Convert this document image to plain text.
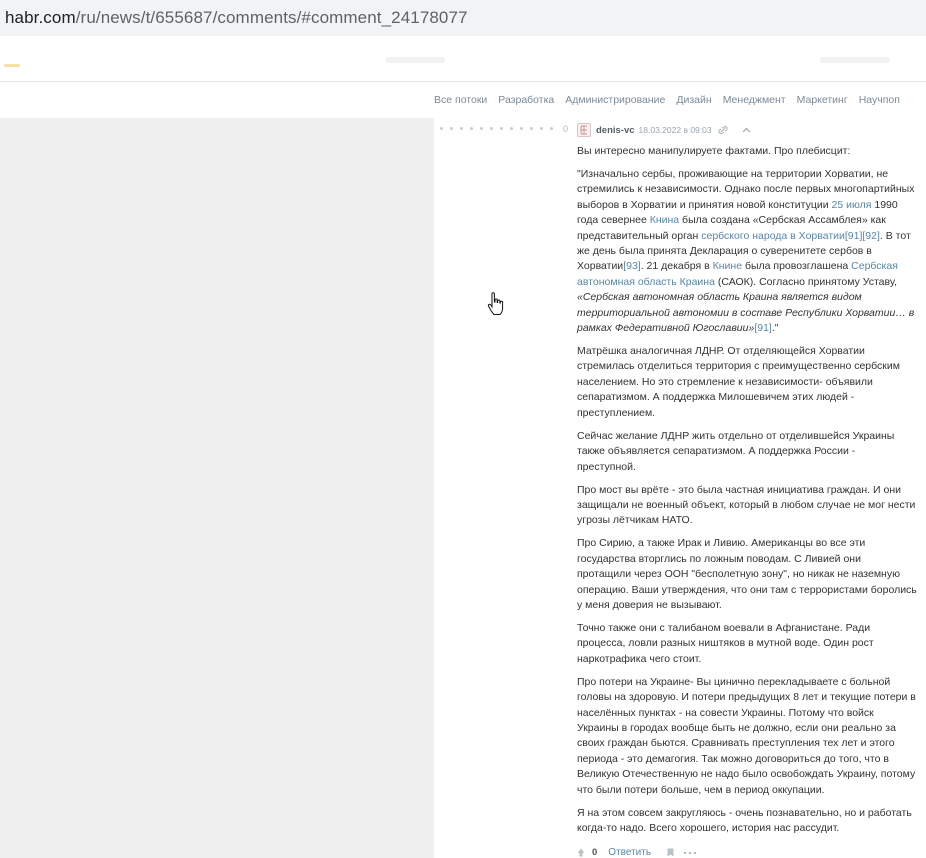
habr.com/ru/news/t/655687/comments/#comment_24178077
Все потоки Разработка Администрирование Дизайн Менеджмент Маркетинг Научпоп
0	denis-vc 18.03.2022 в 09:03

Вы интересно манипулируете фактами. Про плебисцит:

"Изначально сербы, проживающие на территории Хорватии, не стремились к независимости. Однако после первых многопартийных выборов в Хорватии и принятия новой конституции 25 июля 1990 года севернее Книна была создана «Сербская Ассамблея» как представительный орган сербского народа в Хорватии[91][92]. В тот же день была принята Декларация о суверенитете сербов в Хорватии[93]. 21 декабря в Книне была провозглашена Сербская автономная область Краина (САОК). Согласно принятому Уставу, «Сербская автономная область Краина является видом территориальной автономии в составе Республики Хорватии… в рамках Федеративной Югославии»[91]."

Матрёшка аналогичная ЛДНР. От отделяющейся Хорватии стремилась отделиться территория с преимущественно сербским населением. Но это стремление к независимости- объявили сепаратизмом. А поддержка Милошевичем этих людей - преступлением.

Сейчас желание ЛДНР жить отдельно от отделившейся Украины также объявляется сепаратизмом. А поддержка России - преступной.

Про мост вы врёте - это была частная инициатива граждан. И они защищали не военный объект, который в любом случае не мог нести угрозы лётчикам НАТО.

Про Сирию, а также Ирак и Ливию. Американцы во все эти государства вторглись по ложным поводам. С Ливией они протащили через ООН "бесполетную зону", но никак не наземную операцию. Ваши утверждения, что они там с террористами боролись у меня доверия не вызывают.

Точно также они с талибаном воевали в Афганистане. Ради процесса, ловли разных ништяков в мутной воде. Один рост наркотрафика чего стоит.

Про потери на Украине- Вы цинично перекладываете с больной головы на здоровую. И потери предыдущих 8 лет и текущие потери в населённых пунктах - на совести Украины. Потому что войск Украины в городах вообще быть не должно, если они реально за своих граждан бьются. Сравнивать преступления тех лет и этого периода - это демагогия. Так можно договориться до того, что в Великую Отечественную не надо было освобождать Украину, потому что были потери больше, чем в период оккупации.

Я на этом совсем закругляюсь - очень познавательно, но и работать когда-то надо. Всего хорошего, история нас рассудит.

0 Ответить
